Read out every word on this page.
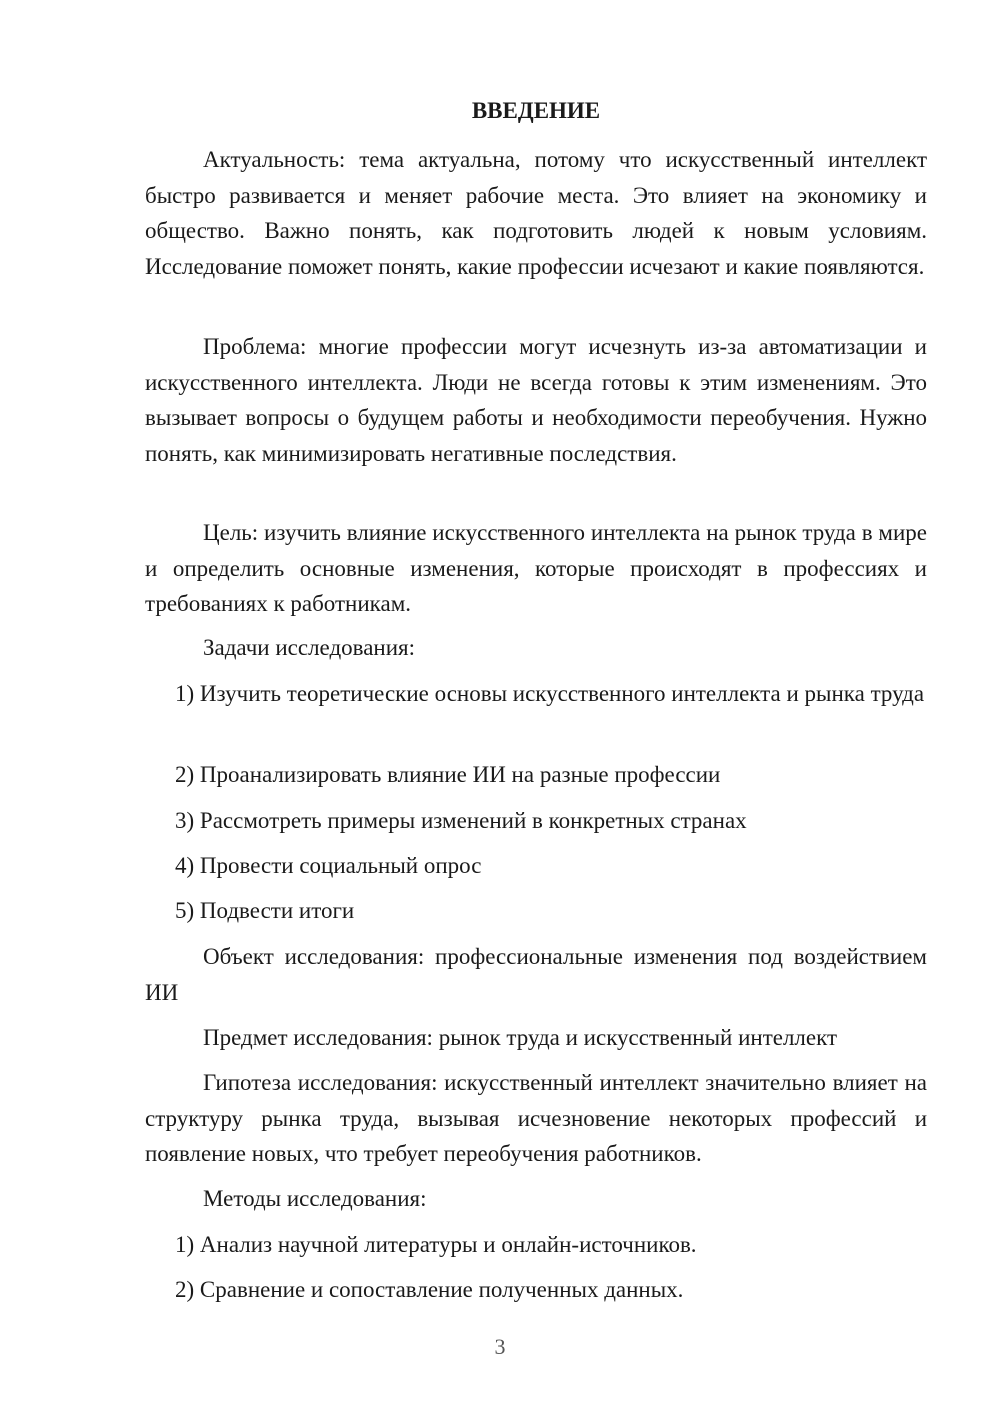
ВВЕДЕНИЕ

Актуальность: тема актуальна, потому что искусственный интеллект быстро развивается и меняет рабочие места. Это влияет на экономику и общество. Важно понять, как подготовить людей к новым условиям. Исследование поможет понять, какие профессии исчезают и какие появляются.

Проблема: многие профессии могут исчезнуть из-за автоматизации и искусственного интеллекта. Люди не всегда готовы к этим изменениям. Это вызывает вопросы о будущем работы и необходимости переобучения. Нужно понять, как минимизировать негативные последствия.

Цель: изучить влияние искусственного интеллекта на рынок труда в мире и определить основные изменения, которые происходят в профессиях и требованиях к работникам.

Задачи исследования:

1) Изучить теоретические основы искусственного интеллекта и рынка труда

2) Проанализировать влияние ИИ на разные профессии

3) Рассмотреть примеры изменений в конкретных странах

4) Провести социальный опрос

5) Подвести итоги

Объект исследования: профессиональные изменения под воздействием ИИ

Предмет исследования: рынок труда и искусственный интеллект

Гипотеза исследования: искусственный интеллект значительно влияет на структуру рынка труда, вызывая исчезновение некоторых профессий и появление новых, что требует переобучения работников.

Методы исследования:

1) Анализ научной литературы и онлайн-источников.

2) Сравнение и сопоставление полученных данных.

3
